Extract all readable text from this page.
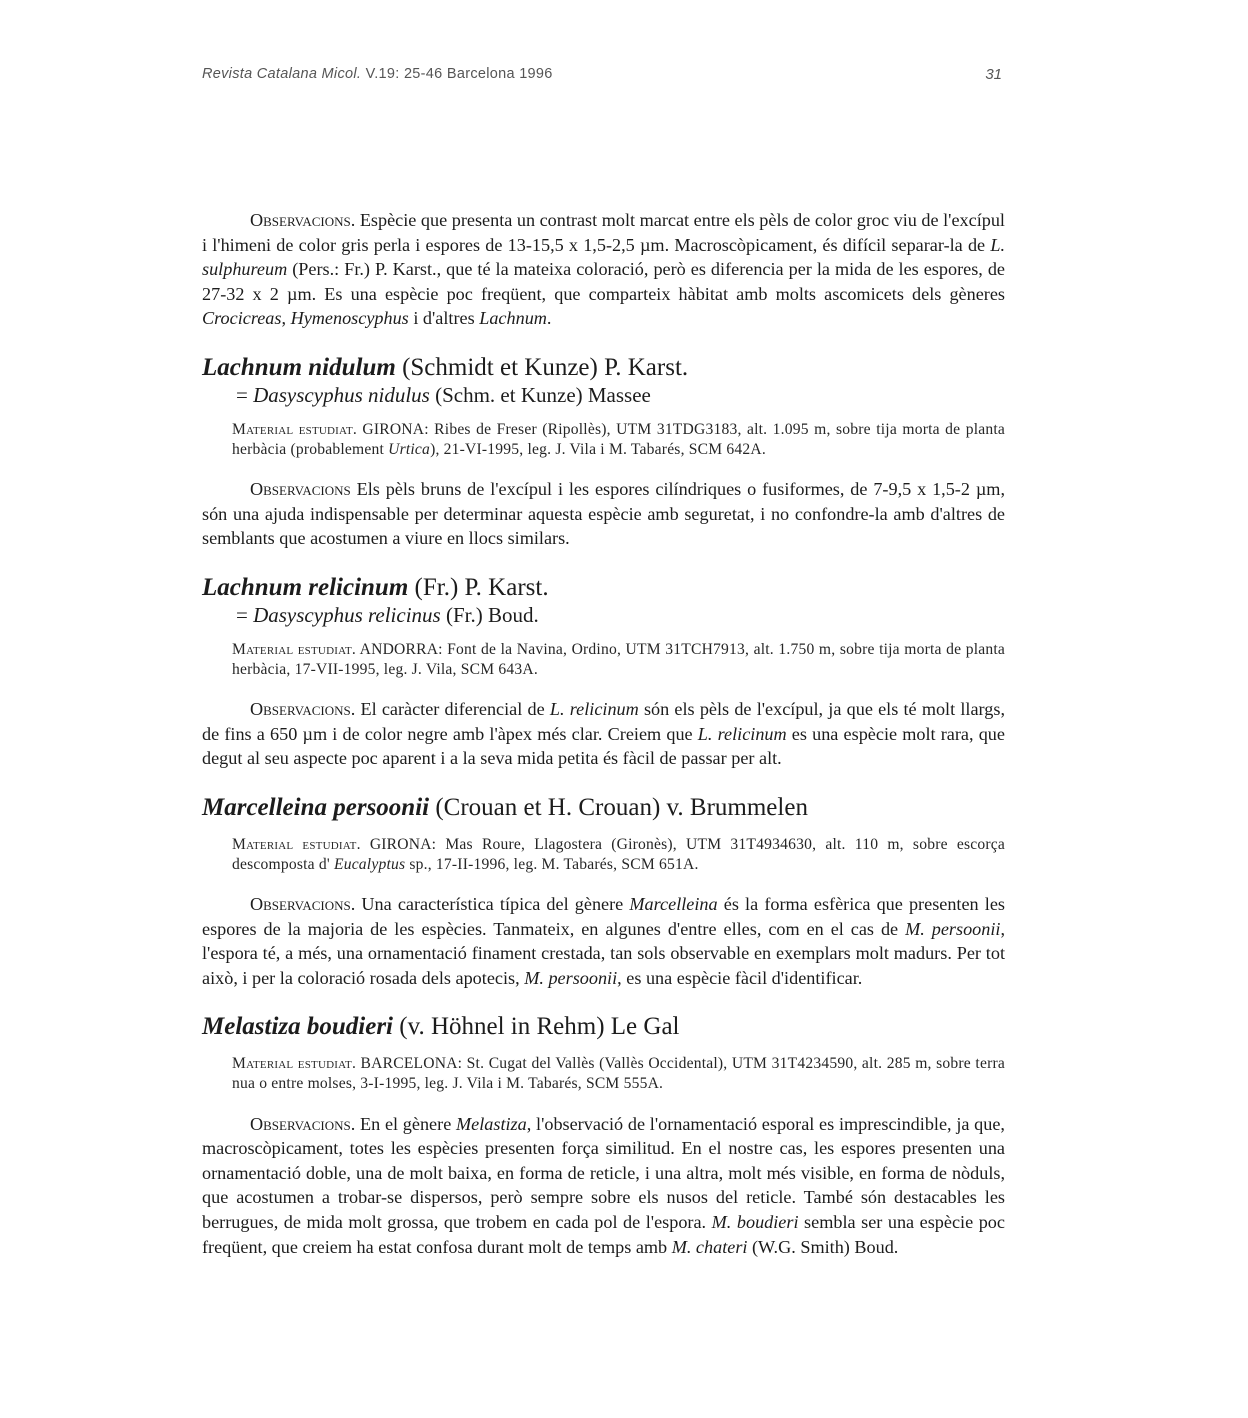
Revista Catalana Micol. V.19: 25-46 Barcelona 1996	31

Observacions. Espècie que presenta un contrast molt marcat entre els pèls de color groc viu de l'excípul i l'himeni de color gris perla i espores de 13-15,5 x 1,5-2,5 µm. Macroscòpicament, és difícil separar-la de L. sulphureum (Pers.: Fr.) P. Karst., que té la mateixa coloració, però es diferencia per la mida de les espores, de 27-32 x 2 µm. Es una espècie poc freqüent, que comparteix hàbitat amb molts ascomicets dels gèneres Crocicreas, Hymenoscyphus i d'altres Lachnum.

Lachnum nidulum (Schmidt et Kunze) P. Karst.
= Dasyscyphus nidulus (Schm. et Kunze) Massee

Material estudiat. GIRONA: Ribes de Freser (Ripollès), UTM 31TDG3183, alt. 1.095 m, sobre tija morta de planta herbàcia (probablement Urtica), 21-VI-1995, leg. J. Vila i M. Tabarés, SCM 642A.

Observacions Els pèls bruns de l'excípul i les espores cilíndriques o fusiformes, de 7-9,5 x 1,5-2 µm, són una ajuda indispensable per determinar aquesta espècie amb seguretat, i no confondre-la amb d'altres de semblants que acostumen a viure en llocs similars.

Lachnum relicinum (Fr.) P. Karst.
= Dasyscyphus relicinus (Fr.) Boud.

Material estudiat. ANDORRA: Font de la Navina, Ordino, UTM 31TCH7913, alt. 1.750 m, sobre tija morta de planta herbàcia, 17-VII-1995, leg. J. Vila, SCM 643A.

Observacions. El caràcter diferencial de L. relicinum són els pèls de l'excípul, ja que els té molt llargs, de fins a 650 µm i de color negre amb l'àpex més clar. Creiem que L. relicinum es una espècie molt rara, que degut al seu aspecte poc aparent i a la seva mida petita és fàcil de passar per alt.

Marcelleina persoonii (Crouan et H. Crouan) v. Brummelen

Material estudiat. GIRONA: Mas Roure, Llagostera (Gironès), UTM 31T4934630, alt. 110 m, sobre escorça descomposta d' Eucalyptus sp., 17-II-1996, leg. M. Tabarés, SCM 651A.

Observacions. Una característica típica del gènere Marcelleina és la forma esfèrica que presenten les espores de la majoria de les espècies. Tanmateix, en algunes d'entre elles, com en el cas de M. persoonii, l'espora té, a més, una ornamentació finament crestada, tan sols observable en exemplars molt madurs. Per tot això, i per la coloració rosada dels apotecis, M. persoonii, es una espècie fàcil d'identificar.

Melastiza boudieri (v. Höhnel in Rehm) Le Gal

Material estudiat. BARCELONA: St. Cugat del Vallès (Vallès Occidental), UTM 31T4234590, alt. 285 m, sobre terra nua o entre molses, 3-I-1995, leg. J. Vila i M. Tabarés, SCM 555A.

Observacions. En el gènere Melastiza, l'observació de l'ornamentació esporal es imprescindible, ja que, macroscòpicament, totes les espècies presenten força similitud. En el nostre cas, les espores presenten una ornamentació doble, una de molt baixa, en forma de reticle, i una altra, molt més visible, en forma de nòduls, que acostumen a trobar-se dispersos, però sempre sobre els nusos del reticle. També són destacables les berrugues, de mida molt grossa, que trobem en cada pol de l'espora. M. boudieri sembla ser una espècie poc freqüent, que creiem ha estat confosa durant molt de temps amb M. chateri (W.G. Smith) Boud.
